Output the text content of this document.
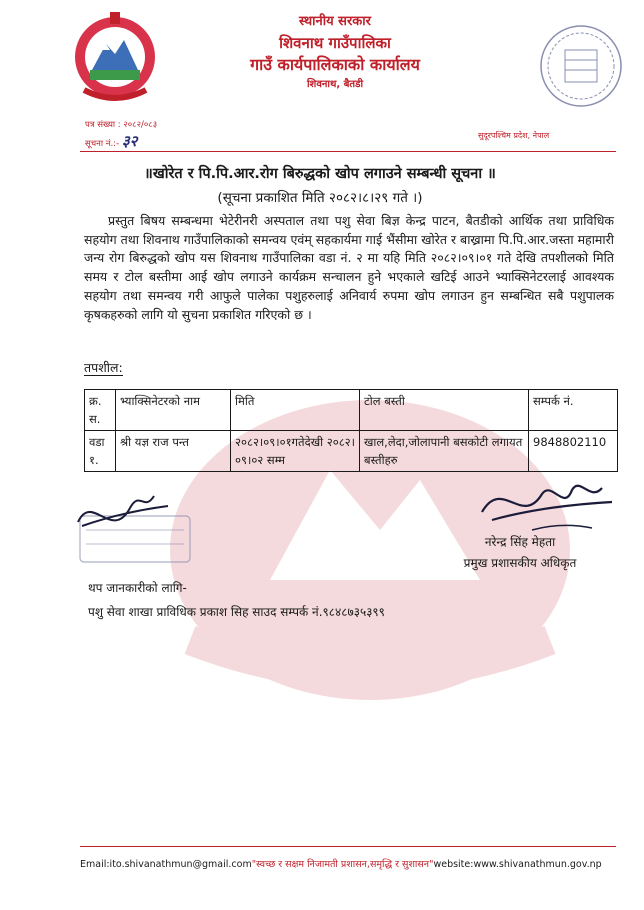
स्थानीय सरकार
शिवनाथ गाउँपालिका
गाउँ कार्यपालिकाको कार्यालय
शिवनाथ, बैतडी
पत्र संख्या : २०८२/०८३
सूचना नं.:- ३२	सुदूरपश्चिम प्रदेश, नेपाल
॥खोरेत र पि.पि.आर.रोग बिरुद्धको खोप लगाउने सम्बन्धी सूचना ॥
(सूचना प्रकाशित मिति २०८२।८।२९ गते ।)
प्रस्तुत बिषय सम्बन्धमा भेटेरीनरी अस्पताल तथा पशु सेवा बिज्ञ केन्द्र पाटन, बैतडीको आर्थिक तथा प्राविधिक सहयोग तथा शिवनाथ गाउँपालिकाको समन्वय एवंम् सहकार्यमा गाई भैंसीमा खोरेत र बाख्रामा पि.पि.आर.जस्ता महामारी जन्य रोग बिरुद्धको खोप यस शिवनाथ गाउँपालिका वडा नं. २ मा यहि मिति २०८२।०९।०१ गते देखि तपशीलको मिति समय र टोल बस्तीमा आई खोप लगाउने कार्यक्रम सन्चालन हुने भएकाले खटिई आउने भ्याक्सिनेटरलाई आवश्यक सहयोग तथा समन्वय गरी आफुले पालेका पशुहरुलाई अनिवार्य रुपमा खोप लगाउन हुन सम्बन्धित सबै पशुपालक कृषकहरुको लागि यो सुचना प्रकाशित गरिएको छ ।
तपशील:
क्र. स.	भ्याक्सिनेटरको नाम	मिति	टोल बस्ती	सम्पर्क नं.
वडा १.	श्री यज्ञ राज पन्त	२०८२।०९।०१गतेदेखी २०८२।०९।०२ सम्म	खाल,लेदा,जोलापानी बसकोटी लगायत बस्तीहरु	9848802110
नरेन्द्र सिंह मेहता
प्रमुख प्रशासकीय अधिकृत
थप जानकारीको लागि-
पशु सेवा शाखा प्राविधिक प्रकाश सिह साउद सम्पर्क नं.९८४८७३५३९९
Email:ito.shivanathmun@gmail.com"स्वच्छ र सक्षम निजामती प्रशासन,समृद्धि र सुशासन"website:www.shivanathmun.gov.np
